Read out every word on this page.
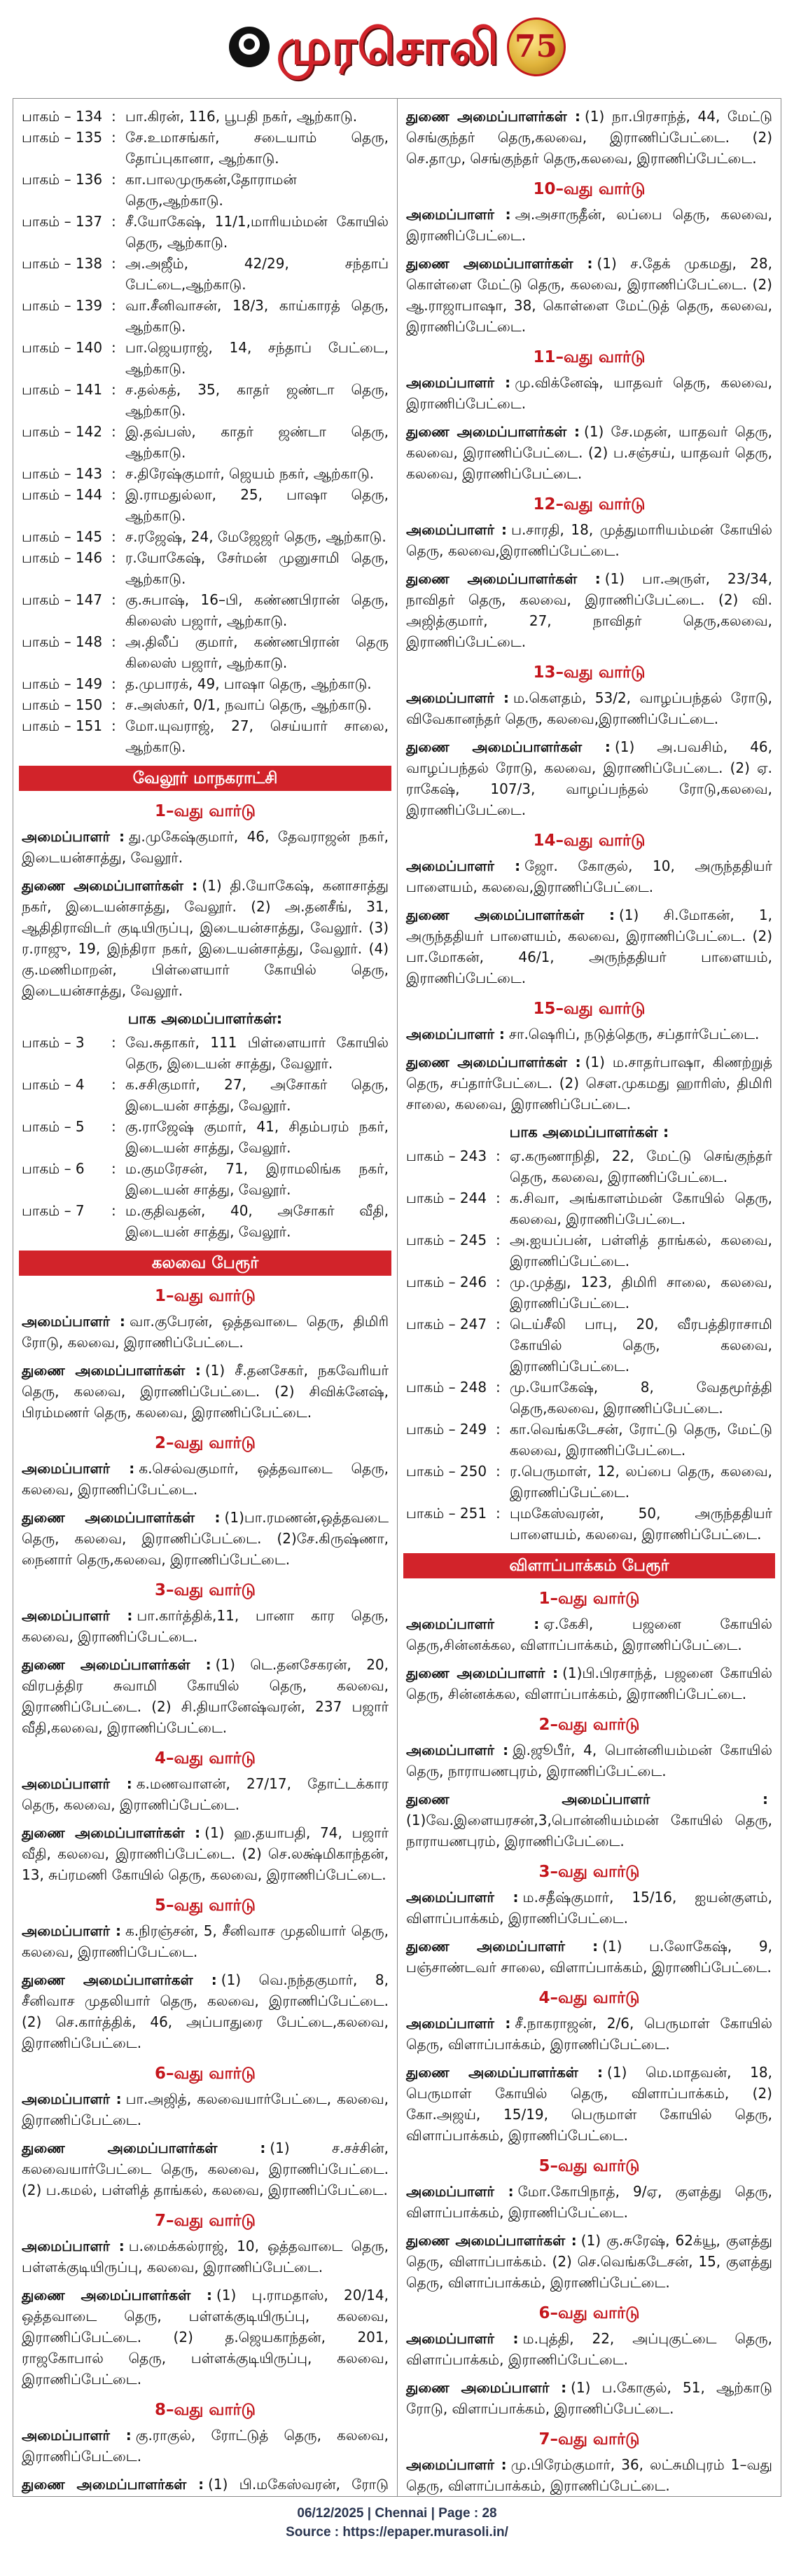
முரசொலி 75
பாகம் – 134 : பா.கிரன், 116, பூபதி நகர், ஆற்காடு.
பாகம் – 135 : சே.உமாசங்கர், சடையாம் தெரு, தோப்புகானா, ஆற்காடு.
பாகம் – 136 : கா.பாலமுருகன்,தோராமன் தெரு,ஆற்காடு.
பாகம் – 137 : சீ.யோகேஷ், 11/1,மாரியம்மன் கோயில் தெரு, ஆற்காடு.
பாகம் – 138 : அ.அஜீம், 42/29, சந்தாப் பேட்டை,ஆற்காடு.
பாகம் – 139 : வா.சீனிவாசன், 18/3, காய்காரத் தெரு, ஆற்காடு.
பாகம் – 140 : பா.ஜெயராஜ், 14, சந்தாப் பேட்டை, ஆற்காடு.
பாகம் – 141 : ச.தல்கத், 35, காதர் ஜண்டா தெரு, ஆற்காடு.
பாகம் – 142 : இ.தவ்பஸ், காதர் ஜண்டா தெரு, ஆற்காடு.
பாகம் – 143 : ச.திரேஷ்குமார், ஜெயம் நகர், ஆற்காடு.
பாகம் – 144 : இ.ராமதுல்லா, 25, பாஷா தெரு, ஆற்காடு.
பாகம் – 145 : ச.ரஜேஷ், 24, மேஜேஜர் தெரு, ஆற்காடு.
பாகம் – 146 : ர.யோகேஷ், சேர்மன் முனுசாமி தெரு, ஆற்காடு.
பாகம் – 147 : கு.சுபாஷ், 16–பி, கண்ணபிரான் தெரு, கிலைஸ் பஜார், ஆற்காடு.
பாகம் – 148 : அ.திலீப் குமார், கண்ணபிரான் தெரு கிலைஸ் பஜார், ஆற்காடு.
பாகம் – 149 : த.முபாரக், 49, பாஷா தெரு, ஆற்காடு.
பாகம் – 150 : ச.அஸ்கர், 0/1, நவாப் தெரு, ஆற்காடு.
பாகம் – 151 : மோ.யுவராஜ், 27, செய்யார் சாலை, ஆற்காடு.
வேலூர் மாநகராட்சி
1–வது வார்டு

அமைப்பாளர் : து.முகேஷ்குமார், 46, தேவராஜன் நகர், இடையன்சாத்து, வேலூர்.

துணை அமைப்பாளர்கள் : (1) தி.யோகேஷ், கனாசாத்து நகர், இடையன்சாத்து, வேலூர். (2) அ.தனசீங், 31, ஆதிதிராவிடர் குடியிருப்பு, இடையன்சாத்து, வேலூர். (3) ர.ராஜு, 19, இந்திரா நகர், இடையன்சாத்து, வேலூர். (4) கு.மணிமாறன், பிள்ளையார் கோயில் தெரு, இடையன்சாத்து, வேலூர்.

பாக அமைப்பாளர்கள்:
பாகம் – 3	: வே.சுதாகர், 111 பிள்ளையார் கோயில் தெரு, இடையன் சாத்து, வேலூர்.
பாகம் – 4	: க.சசிகுமார், 27, அசோகர் தெரு, இடையன் சாத்து, வேலூர்.
பாகம் – 5	: கு.ராஜேஷ் குமார், 41, சிதம்பரம் நகர், இடையன் சாத்து, வேலூர்.
பாகம் – 6	: ம.குமரேசன், 71, இராமலிங்க நகர், இடையன் சாத்து, வேலூர்.
பாகம் – 7	: ம.குதிவதன், 40, அசோகர் வீதி, இடையன் சாத்து, வேலூர்.
கலவை பேரூர்
1–வது வார்டு

அமைப்பாளர் : வா.குபேரன், ஒத்தவாடை தெரு, திமிரி ரோடு, கலவை, இராணிப்பேட்டை.

துணை அமைப்பாளர்கள் : (1) சீ.தனசேகர், நகவேரியர் தெரு, கலவை, இராணிப்பேட்டை. (2) சிவிக்னேஷ், பிரம்மணர் தெரு, கலவை, இராணிப்பேட்டை.

2–வது வார்டு

அமைப்பாளர் : க.செல்வகுமார், ஒத்தவாடை தெரு, கலவை, இராணிப்பேட்டை.

துணை அமைப்பாளர்கள் : (1)பா.ரமணன்,ஒத்தவடை தெரு, கலவை, இராணிப்பேட்டை. (2)சே.கிருஷ்ணா, நைனார் தெரு,கலவை, இராணிப்பேட்டை.

3–வது வார்டு

அமைப்பாளர் : பா.கார்த்திக்,11, பானா கார தெரு, கலவை, இராணிப்பேட்டை.

துணை அமைப்பாளர்கள் : (1) டெ.தனசேகரன், 20, விரபத்திர சுவாமி கோயில் தெரு, கலவை, இராணிப்பேட்டை. (2) சி.தியானேஷ்வரன், 237 பஜார் வீதி,கலவை, இராணிப்பேட்டை.

4–வது வார்டு

அமைப்பாளர் : க.மணவாளன், 27/17, தோட்டக்கார தெரு, கலவை, இராணிப்பேட்டை.

துணை அமைப்பாளர்கள் : (1) ஹ.தயாபதி, 74, பஜார் வீதி, கலவை, இராணிப்பேட்டை. (2) செ.லக்ஷ்மிகாந்தன், 13, சுப்ரமணி கோயில் தெரு, கலவை, இராணிப்பேட்டை.

5–வது வார்டு

அமைப்பாளர் : க.நிரஞ்சன், 5, சீனிவாச முதலியார் தெரு, கலவை, இராணிப்பேட்டை.

துணை அமைப்பாளர்கள் : (1) வெ.நந்தகுமார், 8, சீனிவாச முதலியார் தெரு, கலவை, இராணிப்பேட்டை. (2) செ.கார்த்திக், 46, அப்பாதுரை பேட்டை,கலவை, இராணிப்பேட்டை.

6–வது வார்டு

அமைப்பாளர் : பா.அஜித், கலவையார்பேட்டை, கலவை, இராணிப்பேட்டை.

துணை அமைப்பாளர்கள் : (1) ச.சச்சின், கலவையார்பேட்டை தெரு, கலவை, இராணிப்பேட்டை. (2) ப.கமல், பள்ளித் தாங்கல், கலவை, இராணிப்பேட்டை.

7–வது வார்டு

அமைப்பாளர் : ப.மைக்கல்ராஜ், 10, ஒத்தவாடை தெரு, பள்ளக்குடியிருப்பு, கலவை, இராணிப்பேட்டை.

துணை அமைப்பாளர்கள் : (1) பு.ராமதாஸ், 20/14, ஒத்தவாடை தெரு, பள்ளக்குடியிருப்பு, கலவை, இராணிப்பேட்டை. (2) த.ஜெயகாந்தன், 201, ராஜகோபால் தெரு, பள்ளக்குடியிருப்பு, கலவை, இராணிப்பேட்டை.

8–வது வார்டு

அமைப்பாளர் : கு.ராகுல், ரோட்டுத் தெரு, கலவை, இராணிப்பேட்டை.

துணை அமைப்பாளர்கள் : (1) பி.மகேஸ்வரன், ரோடு

துணை அமைப்பாளர்கள் : (1) நா.பிரசாந்த், 44, மேட்டு செங்குந்தர் தெரு,கலவை, இராணிப்பேட்டை. (2) செ.தாமு, செங்குந்தர் தெரு,கலவை, இராணிப்பேட்டை.

10–வது வார்டு

அமைப்பாளர் : அ.அசாருதீன், லப்பை தெரு, கலவை, இராணிப்பேட்டை.

துணை அமைப்பாளர்கள் : (1) ச.தேக் முகமது, 28, கொள்ளை மேட்டு தெரு, கலவை, இராணிப்பேட்டை. (2) ஆ.ராஜாபாஷா, 38, கொள்ளை மேட்டுத் தெரு, கலவை, இராணிப்பேட்டை.

11–வது வார்டு

அமைப்பாளர் : மு.விக்னேஷ், யாதவர் தெரு, கலவை, இராணிப்பேட்டை.

துணை அமைப்பாளர்கள் : (1) சே.மதன், யாதவர் தெரு, கலவை, இராணிப்பேட்டை. (2) ப.சஞ்சய், யாதவர் தெரு, கலவை, இராணிப்பேட்டை.

12–வது வார்டு

அமைப்பாளர் : ப.சாரதி, 18, முத்துமாரியம்மன் கோயில் தெரு, கலவை,இராணிப்பேட்டை.

துணை அமைப்பாளர்கள் : (1) பா.அருள், 23/34, நாவிதர் தெரு, கலவை, இராணிப்பேட்டை. (2) வி. அஜித்குமார், 27, நாவிதர் தெரு,கலவை, இராணிப்பேட்டை.

13–வது வார்டு

அமைப்பாளர் : ம.கௌதம், 53/2, வாழப்பந்தல் ரோடு, விவேகானந்தர் தெரு, கலவை,இராணிப்பேட்டை.

துணை அமைப்பாளர்கள் : (1) அ.பவசிம், 46, வாழப்பந்தல் ரோடு, கலவை, இராணிப்பேட்டை. (2) ஏ. ராகேஷ், 107/3, வாழப்பந்தல் ரோடு,கலவை, இராணிப்பேட்டை.

14–வது வார்டு

அமைப்பாளர் : ஜோ. கோகுல், 10, அருந்ததியர் பாளையம், கலவை,இராணிப்பேட்டை.

துணை அமைப்பாளர்கள் : (1) சி.மோகன், 1, அருந்ததியர் பாளையம், கலவை, இராணிப்பேட்டை. (2) பா.மோகன், 46/1, அருந்ததியர் பாளையம், இராணிப்பேட்டை.

15–வது வார்டு

அமைப்பாளர் : சா.ஷெரிப், நடுத்தெரு, சப்தார்பேட்டை.

துணை அமைப்பாளர்கள் : (1) ம.சாதர்பாஷா, கிணற்றுத் தெரு, சப்தார்பேட்டை. (2) செள.முகமது ஹாரிஸ், திமிரி சாலை, கலவை, இராணிப்பேட்டை.

பாக அமைப்பாளர்கள் :
பாகம் – 243 : ஏ.கருணாநிதி, 22, மேட்டு செங்குந்தர் தெரு, கலவை, இராணிப்பேட்டை.
பாகம் – 244 : க.சிவா, அங்காளம்மன் கோயில் தெரு, கலவை, இராணிப்பேட்டை.
பாகம் – 245 : அ.ஐயப்பன், பள்ளித் தாங்கல், கலவை, இராணிப்பேட்டை.
பாகம் – 246 : மு.முத்து, 123, திமிரி சாலை, கலவை, இராணிப்பேட்டை.
பாகம் – 247 : டெய்சீலி பாபு, 20, வீரபத்திராசாமி கோயில் தெரு, கலவை, இராணிப்பேட்டை.
பாகம் – 248 : மு.யோகேஷ், 8, வேதமூர்த்தி தெரு,கலவை, இராணிப்பேட்டை.
பாகம் – 249 : கா.வெங்கடேசன், ரோட்டு தெரு, மேட்டு கலவை, இராணிப்பேட்டை.
பாகம் – 250 : ர.பெருமாள், 12, லப்பை தெரு, கலவை, இராணிப்பேட்டை.
பாகம் – 251 : புமகேஸ்வரன், 50, அருந்ததியர் பாளையம், கலவை, இராணிப்பேட்டை.
விளாப்பாக்கம் பேரூர்
1–வது வார்டு

அமைப்பாளர் : ஏ.கேசி, பஜனை கோயில் தெரு,சின்னக்கல, விளாப்பாக்கம், இராணிப்பேட்டை.

துணை அமைப்பாளர் : (1)பி.பிரசாந்த், பஜனை கோயில் தெரு, சின்னக்கல, விளாப்பாக்கம், இராணிப்பேட்டை.

2–வது வார்டு

அமைப்பாளர் : இ.ஜூபீர், 4, பொன்னியம்மன் கோயில் தெரு, நாராயணபுரம், இராணிப்பேட்டை.

துணை அமைப்பாளர் :(1)வே.இளையரசன்,3,பொன்னியம்மன் கோயில் தெரு, நாராயணபுரம், இராணிப்பேட்டை.

3–வது வார்டு

அமைப்பாளர் : ம.சதீஷ்குமார், 15/16, ஐயன்குளம், விளாப்பாக்கம், இராணிப்பேட்டை.

துணை அமைப்பாளர் : (1) ப.லோகேஷ், 9, பஞ்சாண்டவர் சாலை, விளாப்பாக்கம், இராணிப்பேட்டை.

4–வது வார்டு

அமைப்பாளர் : சீ.நாகராஜன், 2/6, பெருமாள் கோயில் தெரு, விளாப்பாக்கம், இராணிப்பேட்டை.

துணை அமைப்பாளர்கள் : (1) மெ.மாதவன், 18, பெருமாள் கோயில் தெரு, விளாப்பாக்கம், (2) கோ.அஜய், 15/19, பெருமாள் கோயில் தெரு, விளாப்பாக்கம், இராணிப்பேட்டை.

5–வது வார்டு

அமைப்பாளர் : மோ.கோபிநாத், 9/ஏ, குளத்து தெரு, விளாப்பாக்கம், இராணிப்பேட்டை.

துணை அமைப்பாளர்கள் : (1) கு.சுரேஷ், 62க்யூ, குளத்து தெரு, விளாப்பாக்கம். (2) செ.வெங்கடேசன், 15, குளத்து தெரு, விளாப்பாக்கம், இராணிப்பேட்டை.

6–வது வார்டு

அமைப்பாளர் : ம.புத்தி, 22, அப்புகுட்டை தெரு, விளாப்பாக்கம், இராணிப்பேட்டை.

துணை அமைப்பாளர் : (1) ப.கோகுல், 51, ஆற்காடு ரோடு, விளாப்பாக்கம், இராணிப்பேட்டை.

7–வது வார்டு

அமைப்பாளர் : மு.பிரேம்குமார், 36, லட்சுமிபுரம் 1–வது தெரு, விளாப்பாக்கம், இராணிப்பேட்டை.

06/12/2025 | Chennai | Page : 28
Source : https://epaper.murasoli.in/
